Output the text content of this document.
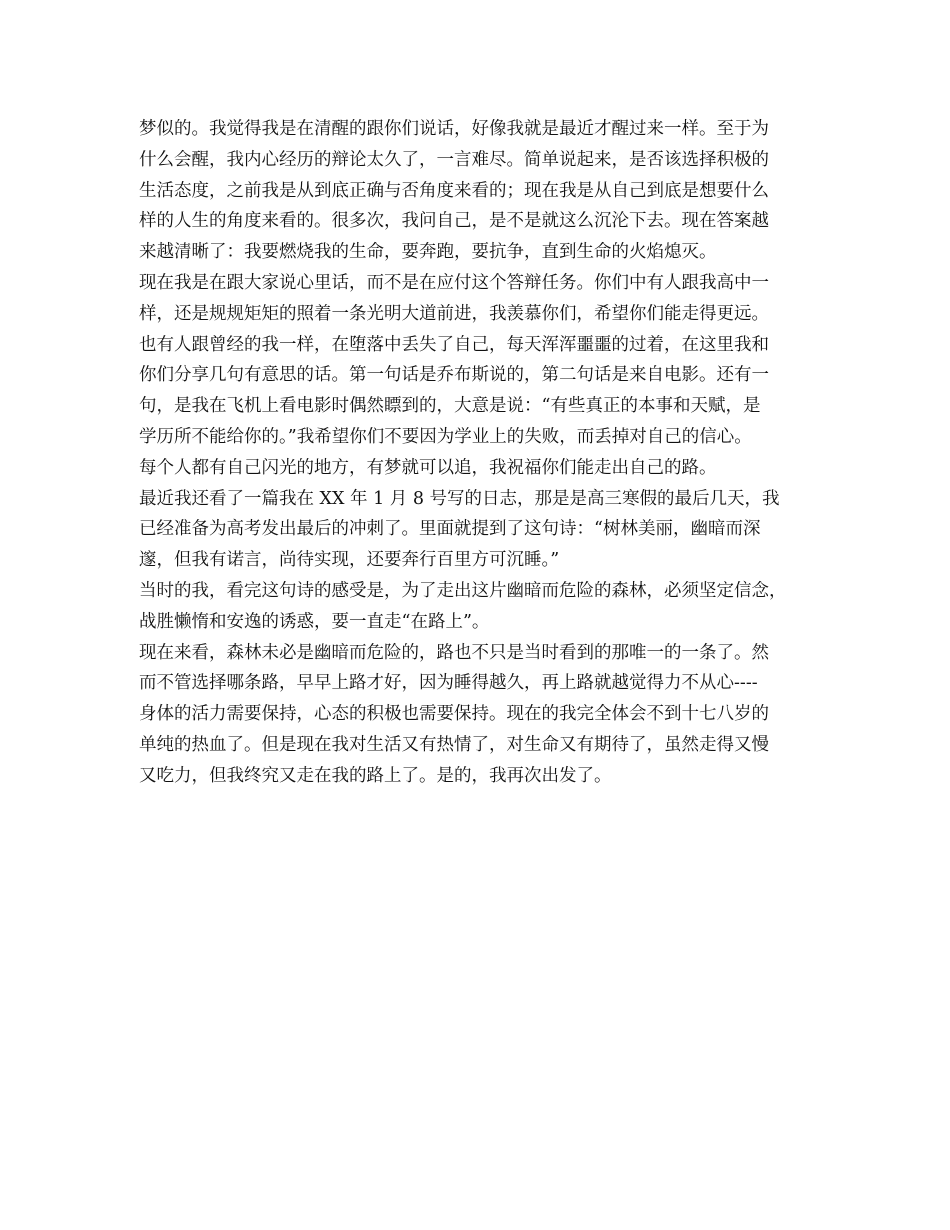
梦似的。我觉得我是在清醒的跟你们说话，好像我就是最近才醒过来一样。至于为
什么会醒，我内心经历的辩论太久了，一言难尽。简单说起来，是否该选择积极的
生活态度，之前我是从到底正确与否角度来看的；现在我是从自己到底是想要什么
样的人生的角度来看的。很多次，我问自己，是不是就这么沉沦下去。现在答案越
来越清晰了：我要燃烧我的生命，要奔跑，要抗争，直到生命的火焰熄灭。
现在我是在跟大家说心里话，而不是在应付这个答辩任务。你们中有人跟我高中一
样，还是规规矩矩的照着一条光明大道前进，我羡慕你们，希望你们能走得更远。
也有人跟曾经的我一样，在堕落中丢失了自己，每天浑浑噩噩的过着，在这里我和
你们分享几句有意思的话。第一句话是乔布斯说的，第二句话是来自电影。还有一
句，是我在飞机上看电影时偶然瞟到的，大意是说：“有些真正的本事和天赋，是
学历所不能给你的。”我希望你们不要因为学业上的失败，而丢掉对自己的信心。
每个人都有自己闪光的地方，有梦就可以追，我祝福你们能走出自己的路。
最近我还看了一篇我在 XX 年 1 月 8 号写的日志，那是是高三寒假的最后几天，我
已经准备为高考发出最后的冲刺了。里面就提到了这句诗：“树林美丽，幽暗而深
邃，但我有诺言，尚待实现，还要奔行百里方可沉睡。”
当时的我，看完这句诗的感受是，为了走出这片幽暗而危险的森林，必须坚定信念，
战胜懒惰和安逸的诱惑，要一直走“在路上”。
现在来看，森林未必是幽暗而危险的，路也不只是当时看到的那唯一的一条了。然
而不管选择哪条路，早早上路才好，因为睡得越久，再上路就越觉得力不从心----
身体的活力需要保持，心态的积极也需要保持。现在的我完全体会不到十七八岁的
单纯的热血了。但是现在我对生活又有热情了，对生命又有期待了，虽然走得又慢
又吃力，但我终究又走在我的路上了。是的，我再次出发了。
